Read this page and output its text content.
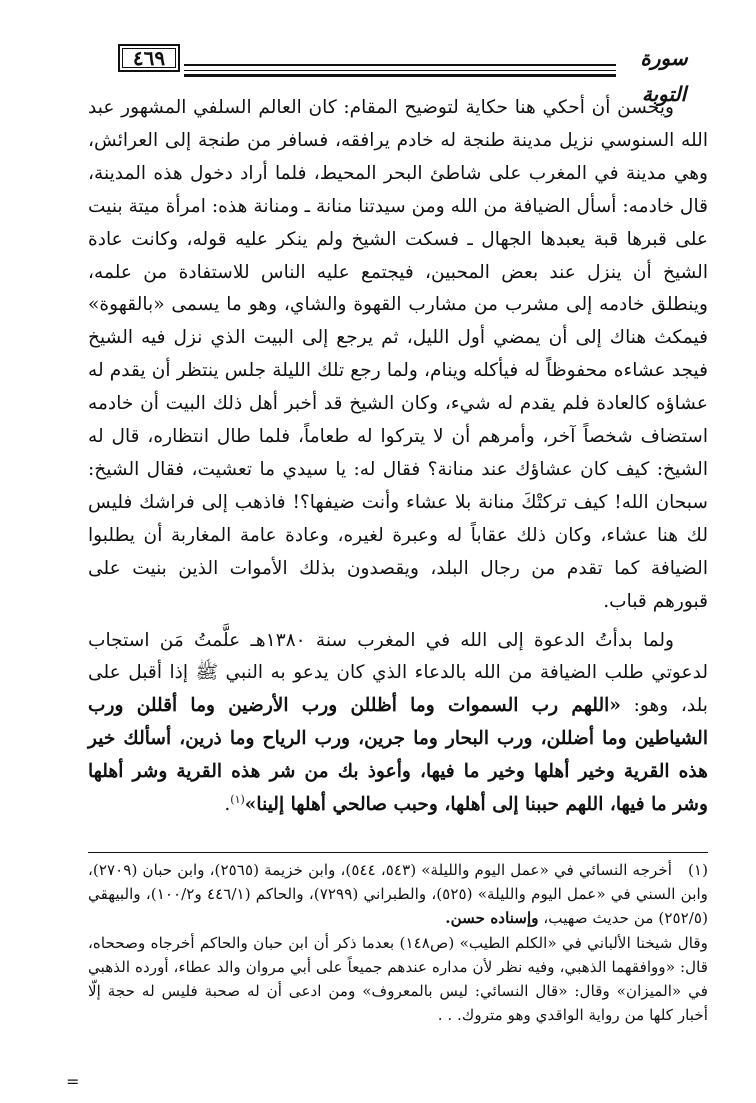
٤٦٩	سورة التوبة

ويحسن أن أحكي هنا حكاية لتوضيح المقام: كان العالم السلفي المشهور عبد الله السنوسي نزيل مدينة طنجة له خادم يرافقه، فسافر من طنجة إلى العرائش، وهي مدينة في المغرب على شاطئ البحر المحيط، فلما أراد دخول هذه المدينة، قال خادمه: أسأل الضيافة من الله ومن سيدتنا منانة ـ ومنانة هذه: امرأة ميتة بنيت على قبرها قبة يعبدها الجهال ـ فسكت الشيخ ولم ينكر عليه قوله، وكانت عادة الشيخ أن ينزل عند بعض المحبين، فيجتمع عليه الناس للاستفادة من علمه، وينطلق خادمه إلى مشرب من مشارب القهوة والشاي، وهو ما يسمى «بالقهوة» فيمكث هناك إلى أن يمضي أول الليل، ثم يرجع إلى البيت الذي نزل فيه الشيخ فيجد عشاءه محفوظاً له فيأكله وينام، ولما رجع تلك الليلة جلس ينتظر أن يقدم له عشاؤه كالعادة فلم يقدم له شيء، وكان الشيخ قد أخبر أهل ذلك البيت أن خادمه استضاف شخصاً آخر، وأمرهم أن لا يتركوا له طعاماً، فلما طال انتظاره، قال له الشيخ: كيف كان عشاؤك عند منانة؟ فقال له: يا سيدي ما تعشيت، فقال الشيخ: سبحان الله! كيف تركتْكَ منانة بلا عشاء وأنت ضيفها؟! فاذهب إلى فراشك فليس لك هنا عشاء، وكان ذلك عقاباً له وعبرة لغيره، وعادة عامة المغاربة أن يطلبوا الضيافة كما تقدم من رجال البلد، ويقصدون بذلك الأموات الذين بنيت على قبورهم قباب.

ولما بدأتُ الدعوة إلى الله في المغرب سنة ١٣٨٠هـ علَّمتُ مَن استجاب لدعوتي طلب الضيافة من الله بالدعاء الذي كان يدعو به النبي ﷺ إذا أقبل على بلد، وهو: «اللهم رب السموات وما أظللن ورب الأرضين وما أقللن ورب الشياطين وما أضللن، ورب البحار وما جرين، ورب الرياح وما ذرين، أسألك خير هذه القرية وخير أهلها وخير ما فيها، وأعوذ بك من شر هذه القرية وشر أهلها وشر ما فيها، اللهم حببنا إلى أهلها، وحبب صالحي أهلها إلينا»$^{(١)}$.

(١)أخرجه النسائي في «عمل اليوم والليلة» (٥٤٣، ٥٤٤)، وابن خزيمة (٢٥٦٥)، وابن حبان (٢٧٠٩)، وابن السني في «عمل اليوم والليلة» (٥٢٥)، والطبراني (٧٢٩٩)، والحاكم (٤٤٦/١ و١٠٠/٢)، والبيهقي (٢٥٢/٥) من حديث صهيب، وإسناده حسن.

وقال شيخنا الألباني في «الكلم الطيب» (ص١٤٨) بعدما ذكر أن ابن حبان والحاكم أخرجاه وصححاه، قال: «ووافقهما الذهبي، وفيه نظر لأن مداره عندهم جميعاً على أبي مروان والد عطاء، أورده الذهبي في «الميزان» وقال: «قال النسائي: ليس بالمعروف» ومن ادعى أن له صحبة فليس له حجة إلّا أخبار كلها من رواية الواقدي وهو متروك. . .

=
